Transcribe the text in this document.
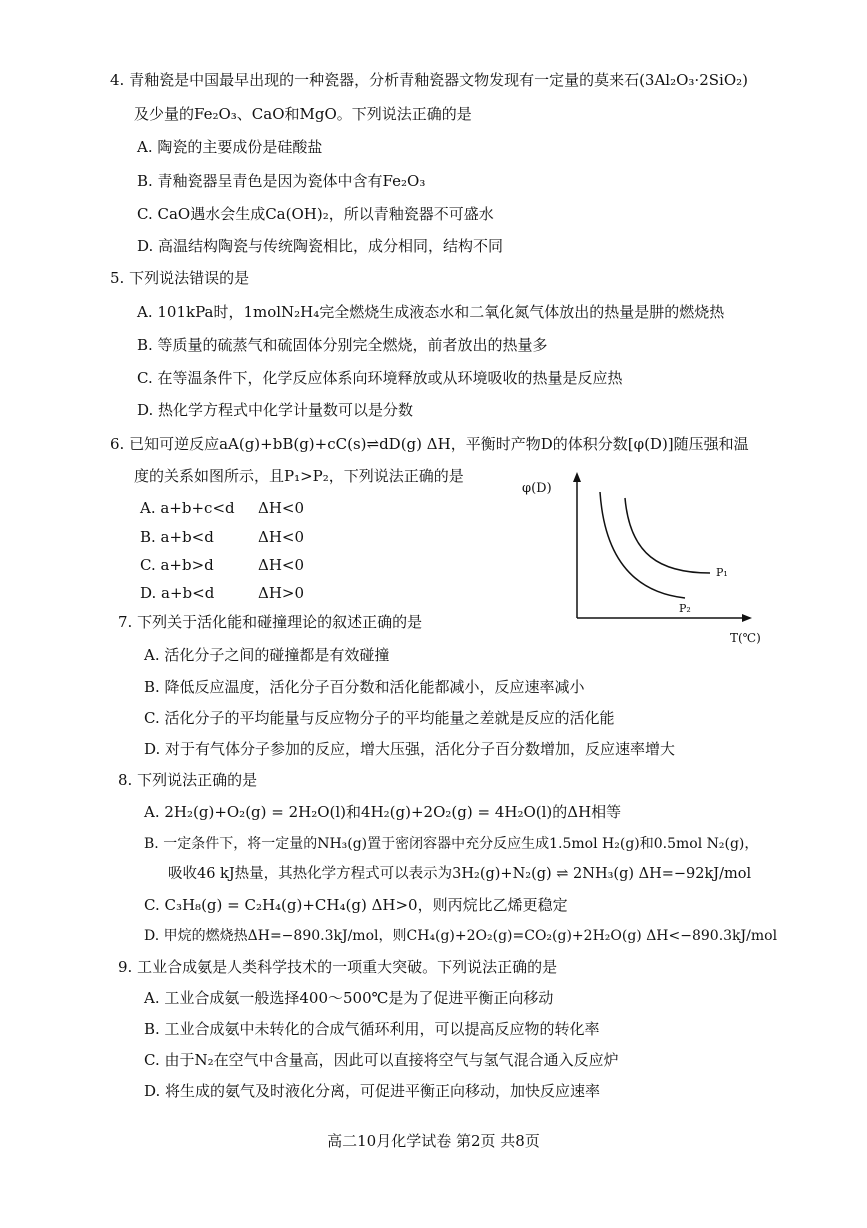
4. 青釉瓷是中国最早出现的一种瓷器，分析青釉瓷器文物发现有一定量的莫来石(3Al₂O₃·2SiO₂)
及少量的Fe₂O₃、CaO和MgO。下列说法正确的是
A. 陶瓷的主要成份是硅酸盐
B. 青釉瓷器呈青色是因为瓷体中含有Fe₂O₃
C. CaO遇水会生成Ca(OH)₂，所以青釉瓷器不可盛水
D. 高温结构陶瓷与传统陶瓷相比，成分相同，结构不同
5. 下列说法错误的是
A. 101kPa时，1molN₂H₄完全燃烧生成液态水和二氧化氮气体放出的热量是肼的燃烧热
B. 等质量的硫蒸气和硫固体分别完全燃烧，前者放出的热量多
C. 在等温条件下，化学反应体系向环境释放或从环境吸收的热量是反应热
D. 热化学方程式中化学计量数可以是分数
6. 已知可逆反应aA(g)+bB(g)+cC(s)⇌dD(g) ΔH，平衡时产物D的体积分数[φ(D)]随压强和温
度的关系如图所示，且P₁>P₂，下列说法正确的是
A. a+b+c<d ΔH<0
B. a+b<d	ΔH<0
C. a+b>d	ΔH<0
D. a+b<d	ΔH>0
φ(D)
T(℃)
P₁
P₂
7. 下列关于活化能和碰撞理论的叙述正确的是
A. 活化分子之间的碰撞都是有效碰撞
B. 降低反应温度，活化分子百分数和活化能都减小，反应速率减小
C. 活化分子的平均能量与反应物分子的平均能量之差就是反应的活化能
D. 对于有气体分子参加的反应，增大压强，活化分子百分数增加，反应速率增大
8. 下列说法正确的是
A. 2H₂(g)+O₂(g) = 2H₂O(l)和4H₂(g)+2O₂(g) = 4H₂O(l)的ΔH相等
B. 一定条件下，将一定量的NH₃(g)置于密闭容器中充分反应生成1.5mol H₂(g)和0.5mol N₂(g)，
吸收46 kJ热量，其热化学方程式可以表示为3H₂(g)+N₂(g) ⇌ 2NH₃(g) ΔH=−92kJ/mol
C. C₃H₈(g) = C₂H₄(g)+CH₄(g) ΔH>0，则丙烷比乙烯更稳定
D. 甲烷的燃烧热ΔH=−890.3kJ/mol，则CH₄(g)+2O₂(g)=CO₂(g)+2H₂O(g) ΔH<−890.3kJ/mol
9. 工业合成氨是人类科学技术的一项重大突破。下列说法正确的是
A. 工业合成氨一般选择400～500℃是为了促进平衡正向移动
B. 工业合成氨中未转化的合成气循环利用，可以提高反应物的转化率
C. 由于N₂在空气中含量高，因此可以直接将空气与氢气混合通入反应炉
D. 将生成的氨气及时液化分离，可促进平衡正向移动，加快反应速率
高二10月化学试卷 第2页 共8页
